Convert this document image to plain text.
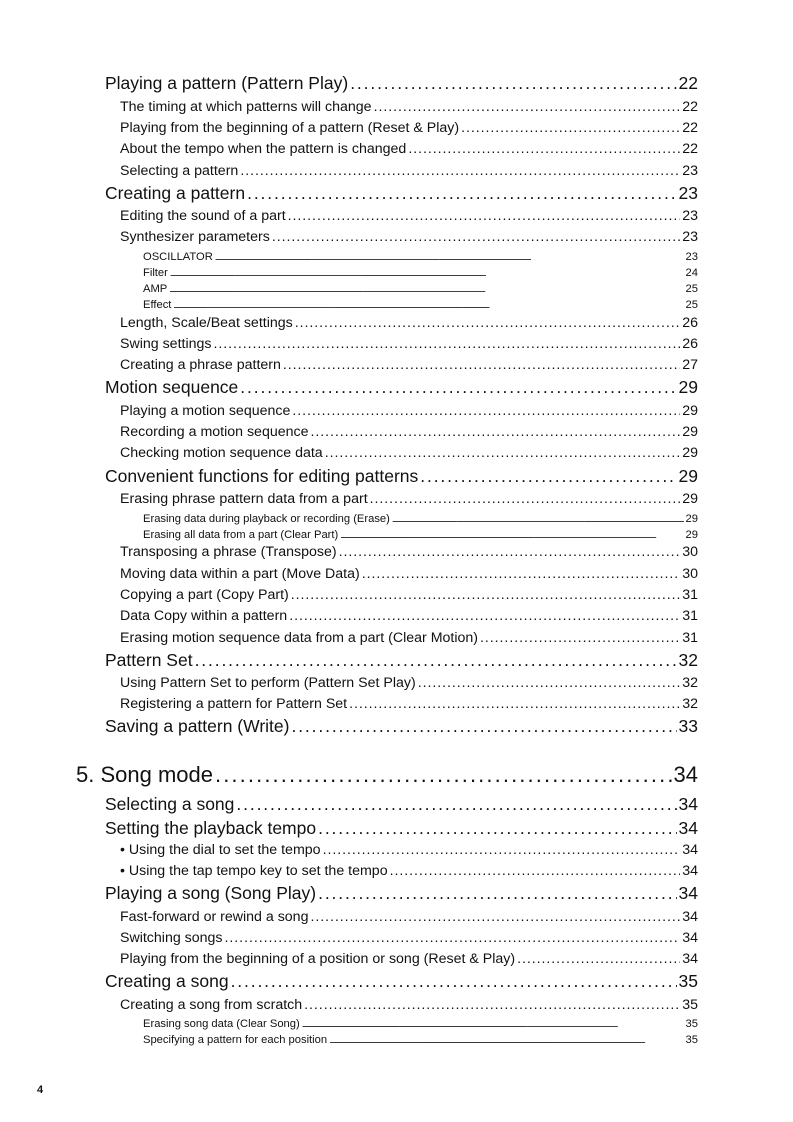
Playing a pattern (Pattern Play) . . .	22
The timing at which patterns will change . . .	22
Playing from the beginning of a pattern (Reset & Play) . . .	22
About the tempo when the pattern is changed . . .	22
Selecting a pattern . . .	23
Creating a pattern . . .	23
Editing the sound of a part . . .	23
Synthesizer parameters . . .	23
OSCILLATOR . . .	23
Filter . . .	24
AMP . . .	25
Effect . . .	25
Length, Scale/Beat settings . . .	26
Swing settings . . .	26
Creating a phrase pattern . . .	27
Motion sequence . . .	29
Playing a motion sequence . . .	29
Recording a motion sequence . . .	29
Checking motion sequence data . . .	29
Convenient functions for editing patterns . . .	29
Erasing phrase pattern data from a part . . .	29
Erasing data during playback or recording (Erase) . . .	29
Erasing all data from a part (Clear Part) . . .	29
Transposing a phrase (Transpose) . . .	30
Moving data within a part (Move Data) . . .	30
Copying a part (Copy Part) . . .	31
Data Copy within a pattern . . .	31
Erasing motion sequence data from a part (Clear Motion) . . .	31
Pattern Set . . .	32
Using Pattern Set to perform (Pattern Set Play) . . .	32
Registering a pattern for Pattern Set . . .	32
Saving a pattern (Write) . . .	33
5. Song mode . . .	34
Selecting a song . . .	34
Setting the playback tempo . . .	34
• Using the dial to set the tempo . . .	34
• Using the tap tempo key to set the tempo . . .	34
Playing a song (Song Play) . . .	34
Fast-forward or rewind a song . . .	34
Switching songs . . .	34
Playing from the beginning of a position or song (Reset & Play) . . .	34
Creating a song . . .	35
Creating a song from scratch . . .	35
Erasing song data (Clear Song) . . .	35
Specifying a pattern for each position . . .	35
4
